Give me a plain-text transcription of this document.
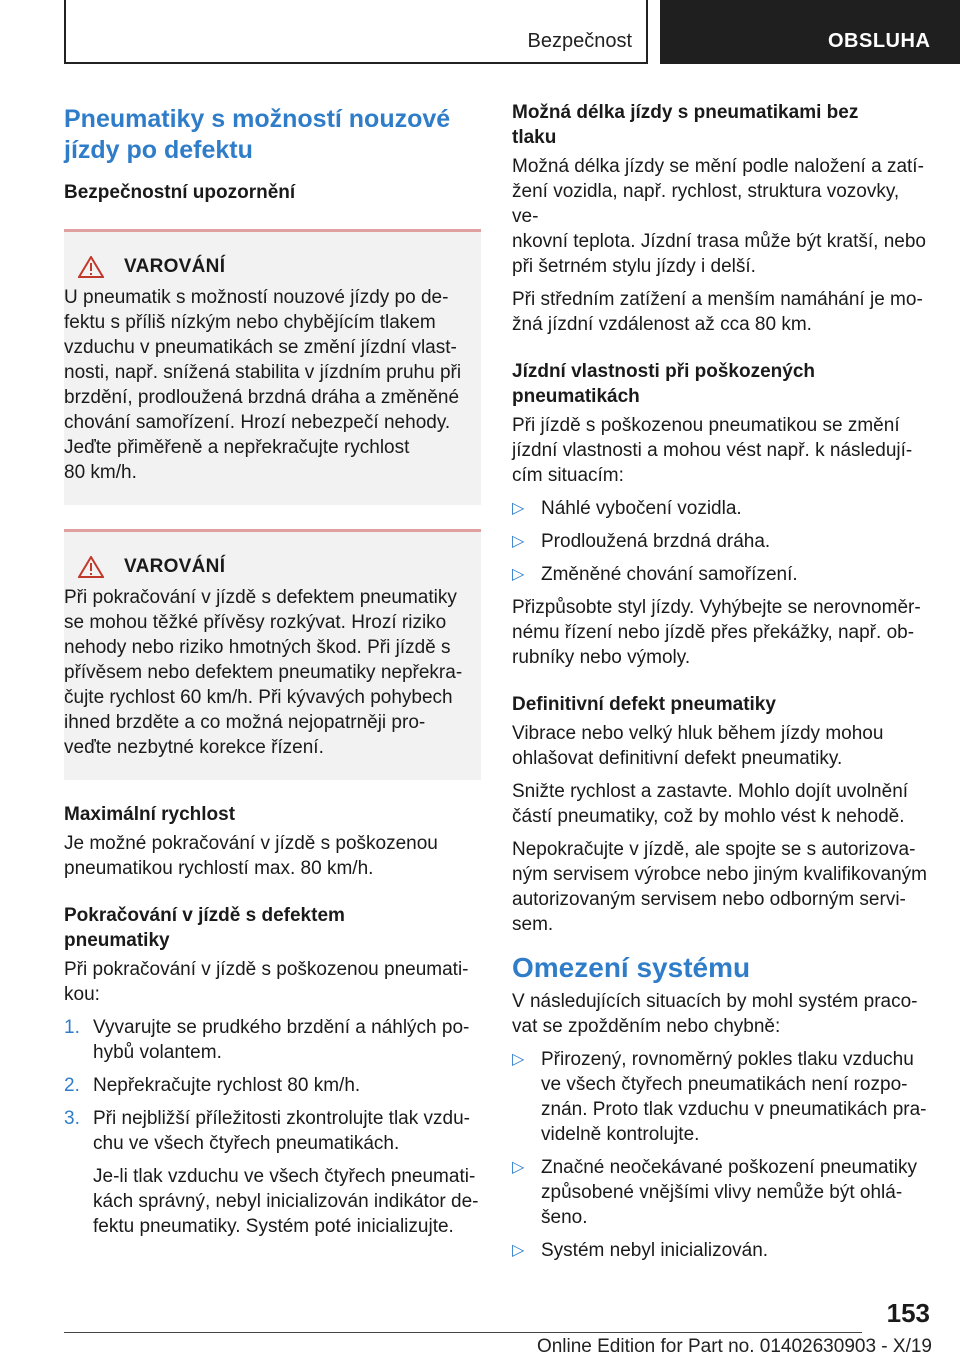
Bezpečnost	OBSLUHA
Pneumatiky s možností nouzové
jízdy po defektu
Bezpečnostní upozornění
VAROVÁNÍ
U pneumatik s možností nouzové jízdy po de-
fektu s příliš nízkým nebo chybějícím tlakem
vzduchu v pneumatikách se změní jízdní vlast-
nosti, např. snížená stabilita v jízdním pruhu při
brzdění, prodloužená brzdná dráha a změněné
chování samořízení. Hrozí nebezpečí nehody.
Jeďte přiměřeně a nepřekračujte rychlost
80 km/h.
VAROVÁNÍ
Při pokračování v jízdě s defektem pneumatiky
se mohou těžké přívěsy rozkývat. Hrozí riziko
nehody nebo riziko hmotných škod. Při jízdě s
přívěsem nebo defektem pneumatiky nepřekra-
čujte rychlost 60 km/h. Při kývavých pohybech
ihned brzděte a co možná nejopatrněji pro-
veďte nezbytné korekce řízení.
Maximální rychlost

Je možné pokračování v jízdě s poškozenou
pneumatikou rychlostí max. 80 km/h.

Pokračování v jízdě s defektem
pneumatiky

Při pokračování v jízdě s poškozenou pneumati-
kou:

1. Vyvarujte se prudkého brzdění a náhlých po-
hybů volantem.
2. Nepřekračujte rychlost 80 km/h.
3. Při nejbližší příležitosti zkontrolujte tlak vzdu-
chu ve všech čtyřech pneumatikách.
Je-li tlak vzduchu ve všech čtyřech pneumati-
kách správný, nebyl inicializován indikátor de-
fektu pneumatiky. Systém poté inicializujte.
Možná délka jízdy s pneumatikami bez
tlaku

Možná délka jízdy se mění podle naložení a zatí-
žení vozidla, např. rychlost, struktura vozovky, ve-
nkovní teplota. Jízdní trasa může být kratší, nebo
při šetrném stylu jízdy i delší.

Při středním zatížení a menším namáhání je mo-
žná jízdní vzdálenost až cca 80 km.

Jízdní vlastnosti při poškozených
pneumatikách

Při jízdě s poškozenou pneumatikou se změní
jízdní vlastnosti a mohou vést např. k následují-
cím situacím:

▷ Náhlé vybočení vozidla.
▷ Prodloužená brzdná dráha.
▷ Změněné chování samořízení.

Přizpůsobte styl jízdy. Vyhýbejte se nerovnoměr-
nému řízení nebo jízdě přes překážky, např. ob-
rubníky nebo výmoly.

Definitivní defekt pneumatiky

Vibrace nebo velký hluk během jízdy mohou
ohlašovat definitivní defekt pneumatiky.

Snižte rychlost a zastavte. Mohlo dojít uvolnění
částí pneumatiky, což by mohlo vést k nehodě.

Nepokračujte v jízdě, ale spojte se s autorizova-
ným servisem výrobce nebo jiným kvalifikovaným
autorizovaným servisem nebo odborným servi-
sem.

Omezení systému

V následujících situacích by mohl systém praco-
vat se zpožděním nebo chybně:

▷ Přirozený, rovnoměrný pokles tlaku vzduchu
ve všech čtyřech pneumatikách není rozpo-
znán. Proto tlak vzduchu v pneumatikách pra-
videlně kontrolujte.
▷ Značné neočekávané poškození pneumatiky
způsobené vnějšími vlivy nemůže být ohlá-
šeno.
▷ Systém nebyl inicializován.
153
Online Edition for Part no. 01402630903 - X/19
